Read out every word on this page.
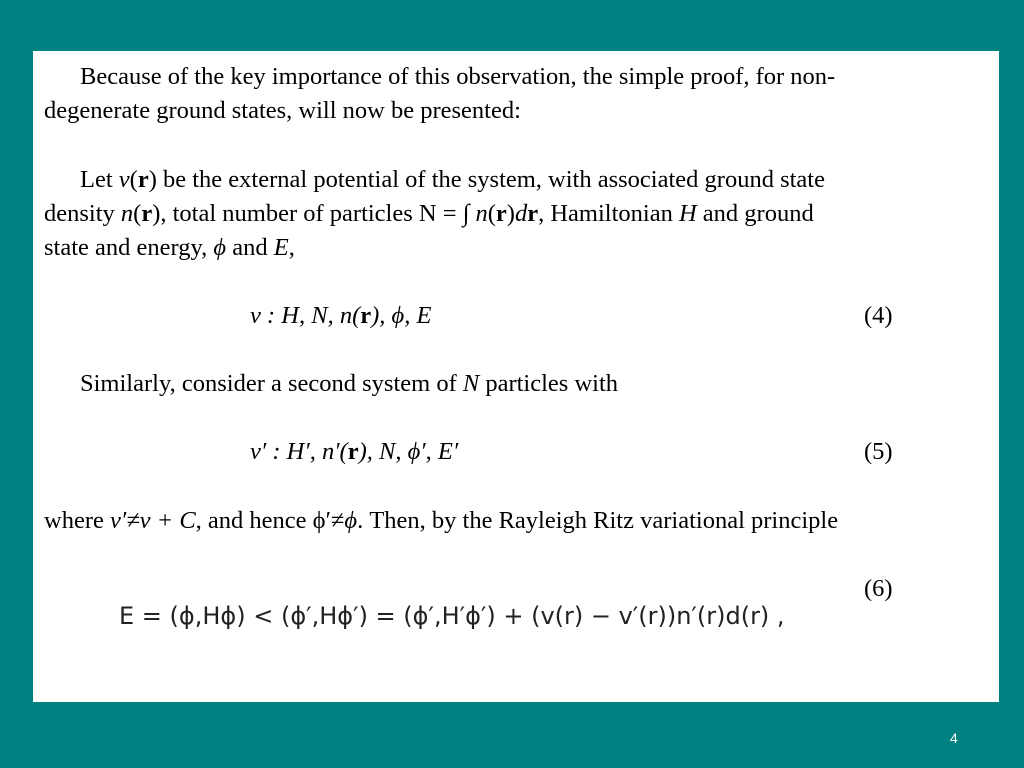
Because of the key importance of this observation, the simple proof, for non-
degenerate ground states, will now be presented:
Let v(r) be the external potential of the system, with associated ground state
density n(r), total number of particles N = ∫ n(r)dr, Hamiltonian H and ground
state and energy, ϕ and E,
v : H, N, n(r), ϕ, E	(4)
Similarly, consider a second system of N particles with
v′ : H′, n′(r), N, ϕ′, E′	(5)
where v′≠v + C, and hence ϕ′≠ϕ. Then, by the Rayleigh Ritz variational principle
(6)
E = (ϕ,Hϕ) < (ϕ′,Hϕ′) = (ϕ′,H′ϕ′) + (v(r) − v′(r))n′(r)d(r) ,
4
